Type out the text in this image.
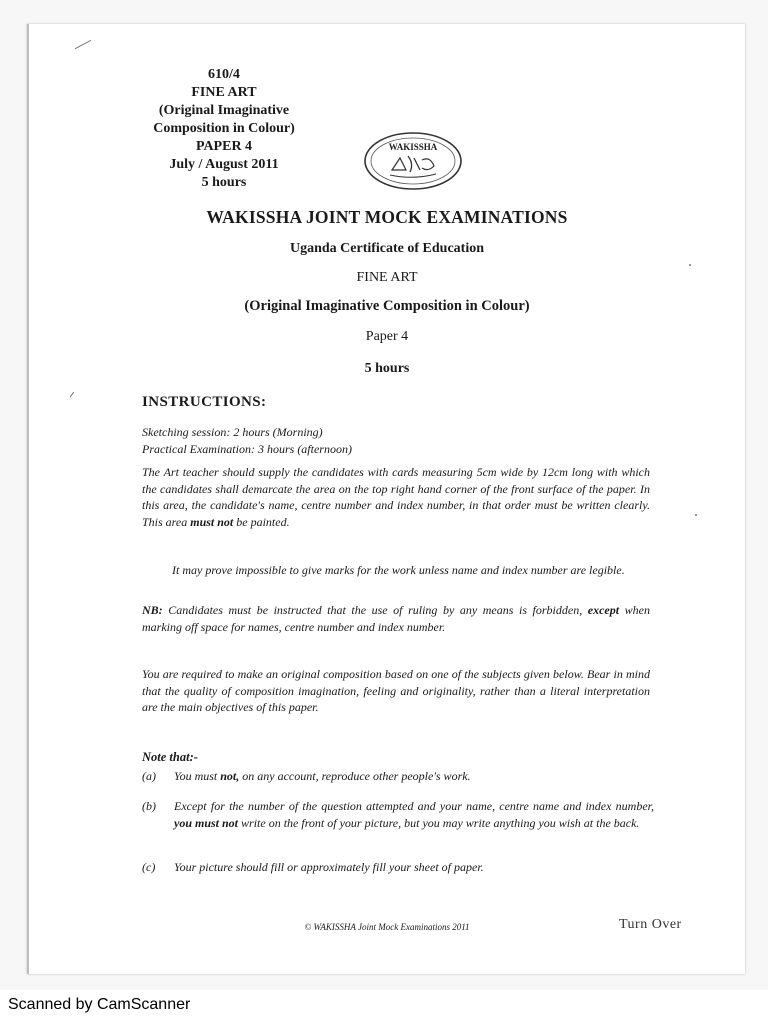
610/4
FINE ART
(Original Imaginative
Composition in Colour)
PAPER 4
July / August 2011
5 hours
WAKISSHA
WAKISSHA JOINT MOCK EXAMINATIONS
Uganda Certificate of Education
FINE ART
(Original Imaginative Composition in Colour)
Paper 4
5 hours
INSTRUCTIONS:
Sketching session: 2 hours (Morning)
Practical Examination: 3 hours (afternoon)
The Art teacher should supply the candidates with cards measuring 5cm wide by 12cm long with which the candidates shall demarcate the area on the top right hand corner of the front surface of the paper. In this area, the candidate's name, centre number and index number, in that order must be written clearly. This area must not be painted.
It may prove impossible to give marks for the work unless name and index number are legible.
NB: Candidates must be instructed that the use of ruling by any means is forbidden, except when marking off space for names, centre number and index number.
You are required to make an original composition based on one of the subjects given below. Bear in mind that the quality of composition imagination, feeling and originality, rather than a literal interpretation are the main objectives of this paper.
Note that:-
(a)	You must not, on any account, reproduce other people's work.
(b)	Except for the number of the question attempted and your name, centre name and index number, you must not write on the front of your picture, but you may write anything you wish at the back.
(c)	Your picture should fill or approximately fill your sheet of paper.
© WAKISSHA Joint Mock Examinations 2011	Turn Over
Scanned by CamScanner
